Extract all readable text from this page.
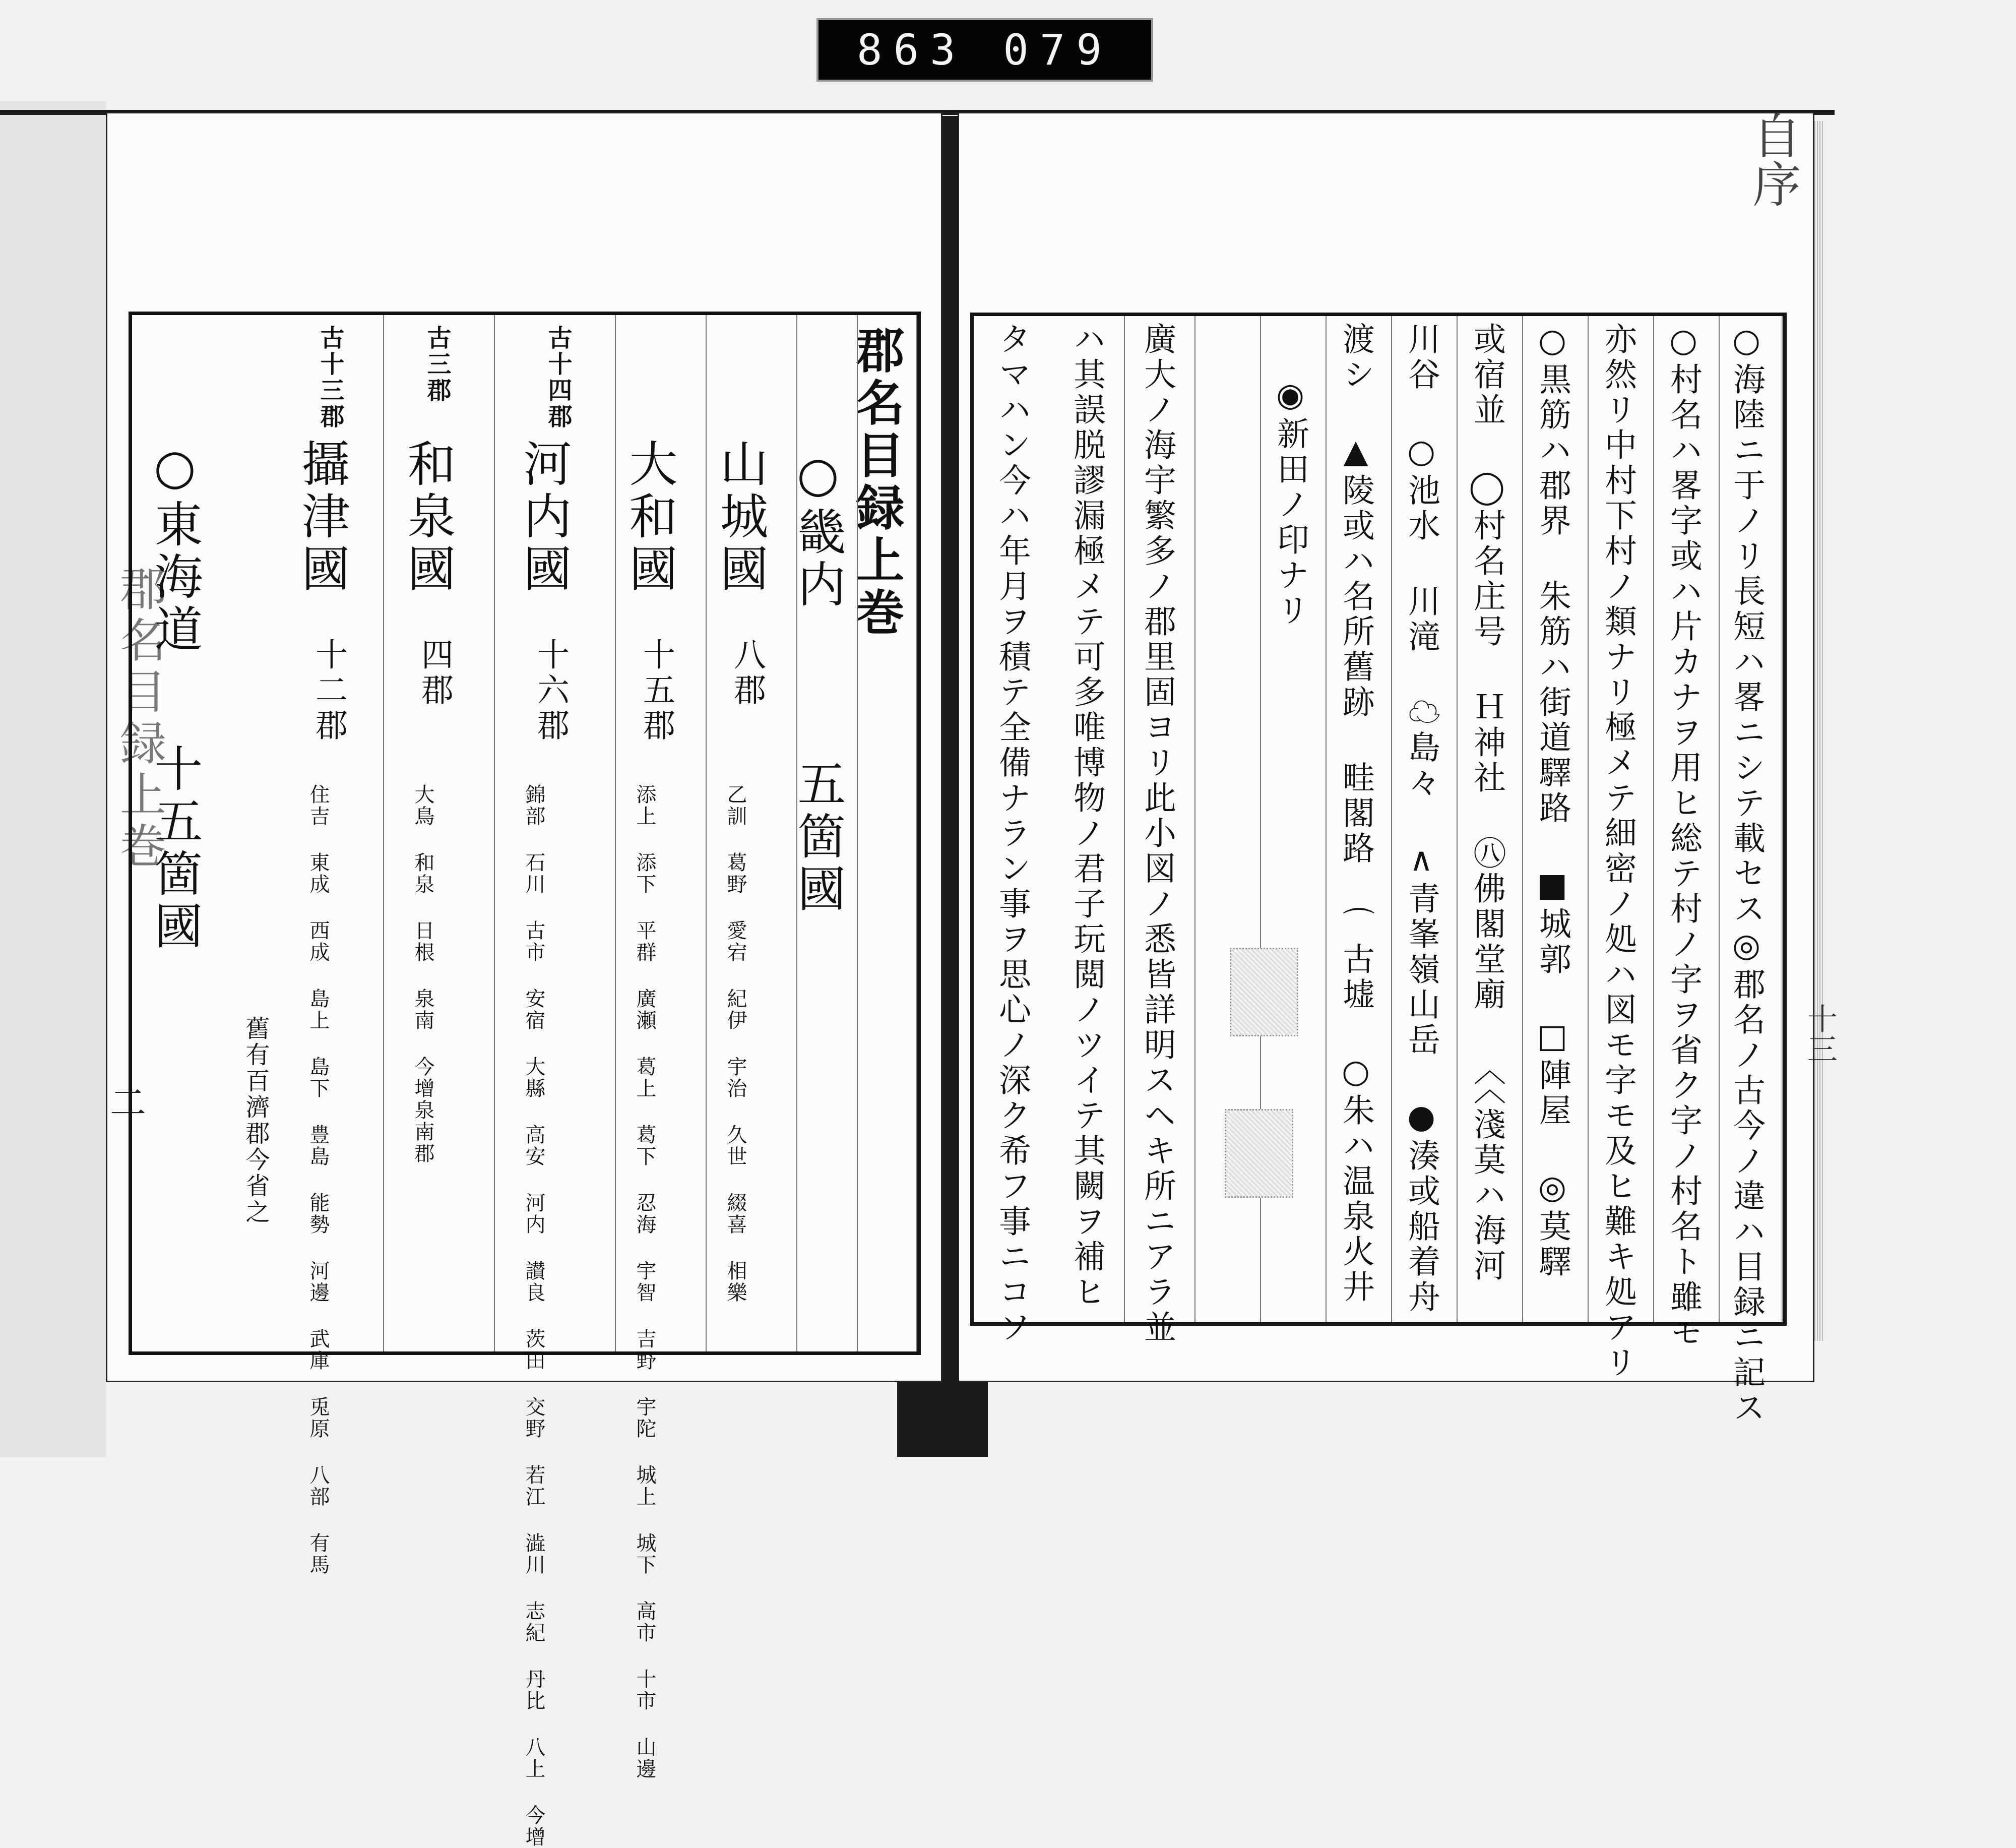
863 079
郡名目録上巻
二
郡名目録上巻
○畿内
五箇國
山城國
八郡
乙訓 葛野 愛宕 紀伊 宇治 久世 綴喜 相樂
大和國
十五郡
添上 添下 平群 廣瀬 葛上 葛下 忍海 宇智 吉野 宇陀 城上 城下 高市 十市 山邊
古十四郡
河内國
十六郡
錦部 石川 古市 安宿 大縣 高安 河内 讃良 茨田 交野 若江 澁川 志紀 丹比 八上 今增
古三郡
和泉國
四郡
大鳥 和泉 日根 泉南 今增泉南郡
古十三郡
攝津國
十二郡
住吉 東成 西成 島上 島下 豊島 能勢 河邊 武庫 兎原 八部 有馬
○東海道
十五箇國
舊有百濟郡今省之
自序
十三
○海陸ニ于ノリ長短ハ畧ニシテ載セス◎郡名ノ古今ノ違ハ目録ニ記ス
○村名ハ畧字或ハ片カナヲ用ヒ総テ村ノ字ヲ省ク字ノ村名ト雖モ
亦然リ中村下村ノ類ナリ極メテ細密ノ処ハ図モ字モ及ヒ難キ処アリ
○黒筋ハ郡界 朱筋ハ街道驛路 ■城郭 □陣屋 ◎莫驛
或宿並 ◯村名庄号 Ｈ神社 ㊇佛閣堂廟 〈〈淺莫ハ海河
川谷 ○池水 川滝 ☁島々 ∧青峯嶺山岳 ●湊或船着舟
渡シ ▲陵或ハ名所舊跡 畦閣路 ⌒古墟 ○朱ハ温泉火井
◉新田ノ印ナリ
廣大ノ海宇繁多ノ郡里固ヨリ此小図ノ悉皆詳明スヘキ所ニアラ並
ハ其誤脱謬漏極メテ可多唯博物ノ君子玩閲ノツイテ其闕ヲ補ヒ
タマハン今ハ年月ヲ積テ全備ナラン事ヲ思心ノ深ク希フ事ニコソ
